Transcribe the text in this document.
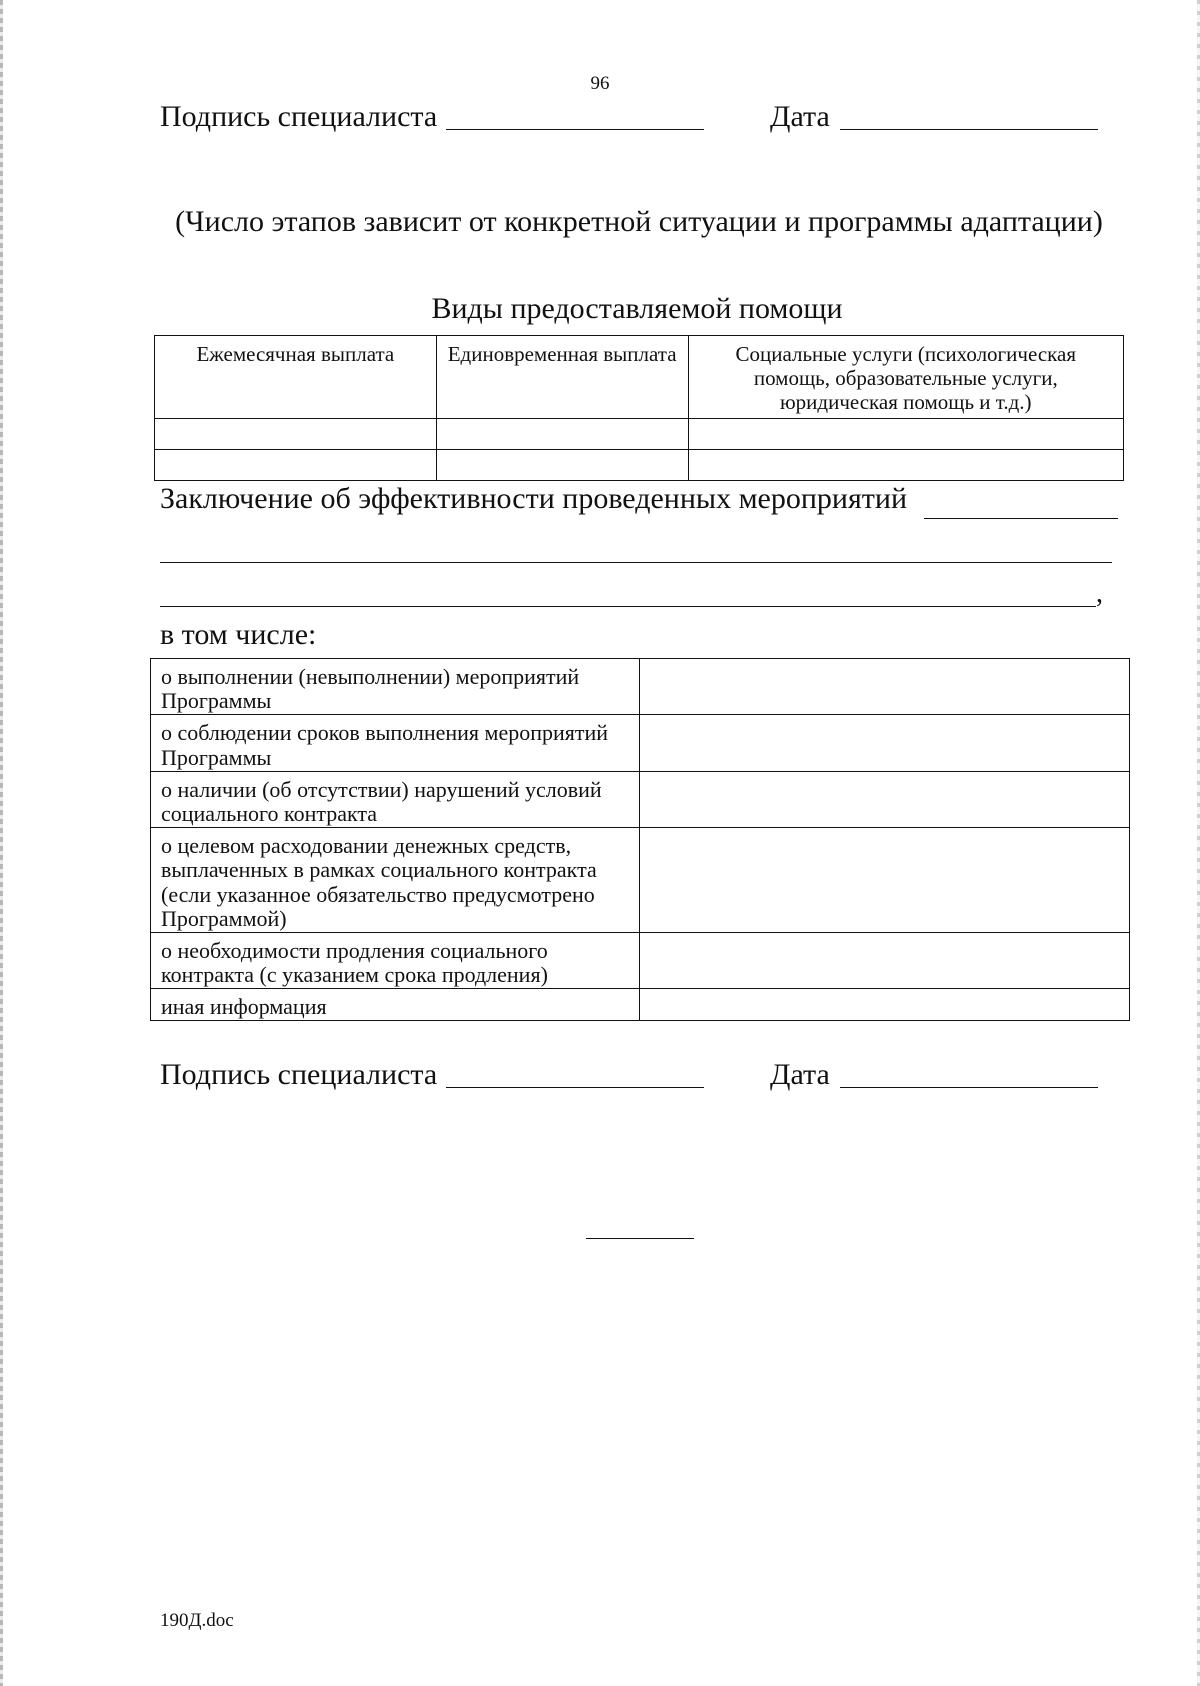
96
Подпись специалиста	Дата
(Число этапов зависит от конкретной ситуации и программы адаптации)
Виды предоставляемой помощи
Ежемесячная выплата	Единовременная выплата	Социальные услуги (психологическая помощь, образовательные услуги, юридическая помощь и т.д.)

Заключение об эффективности проведенных мероприятий
,
в том числе:
о выполнении (невыполнении) мероприятий Программы	
о соблюдении сроков выполнения мероприятий Программы	
о наличии (об отсутствии) нарушений условий социального контракта	
о целевом расходовании денежных средств, выплаченных в рамках социального контракта (если указанное обязательство предусмотрено Программой)	
о необходимости продления социального контракта (с указанием срока продления)	
иная информация	
Подпись специалиста	Дата
190Д.doc
